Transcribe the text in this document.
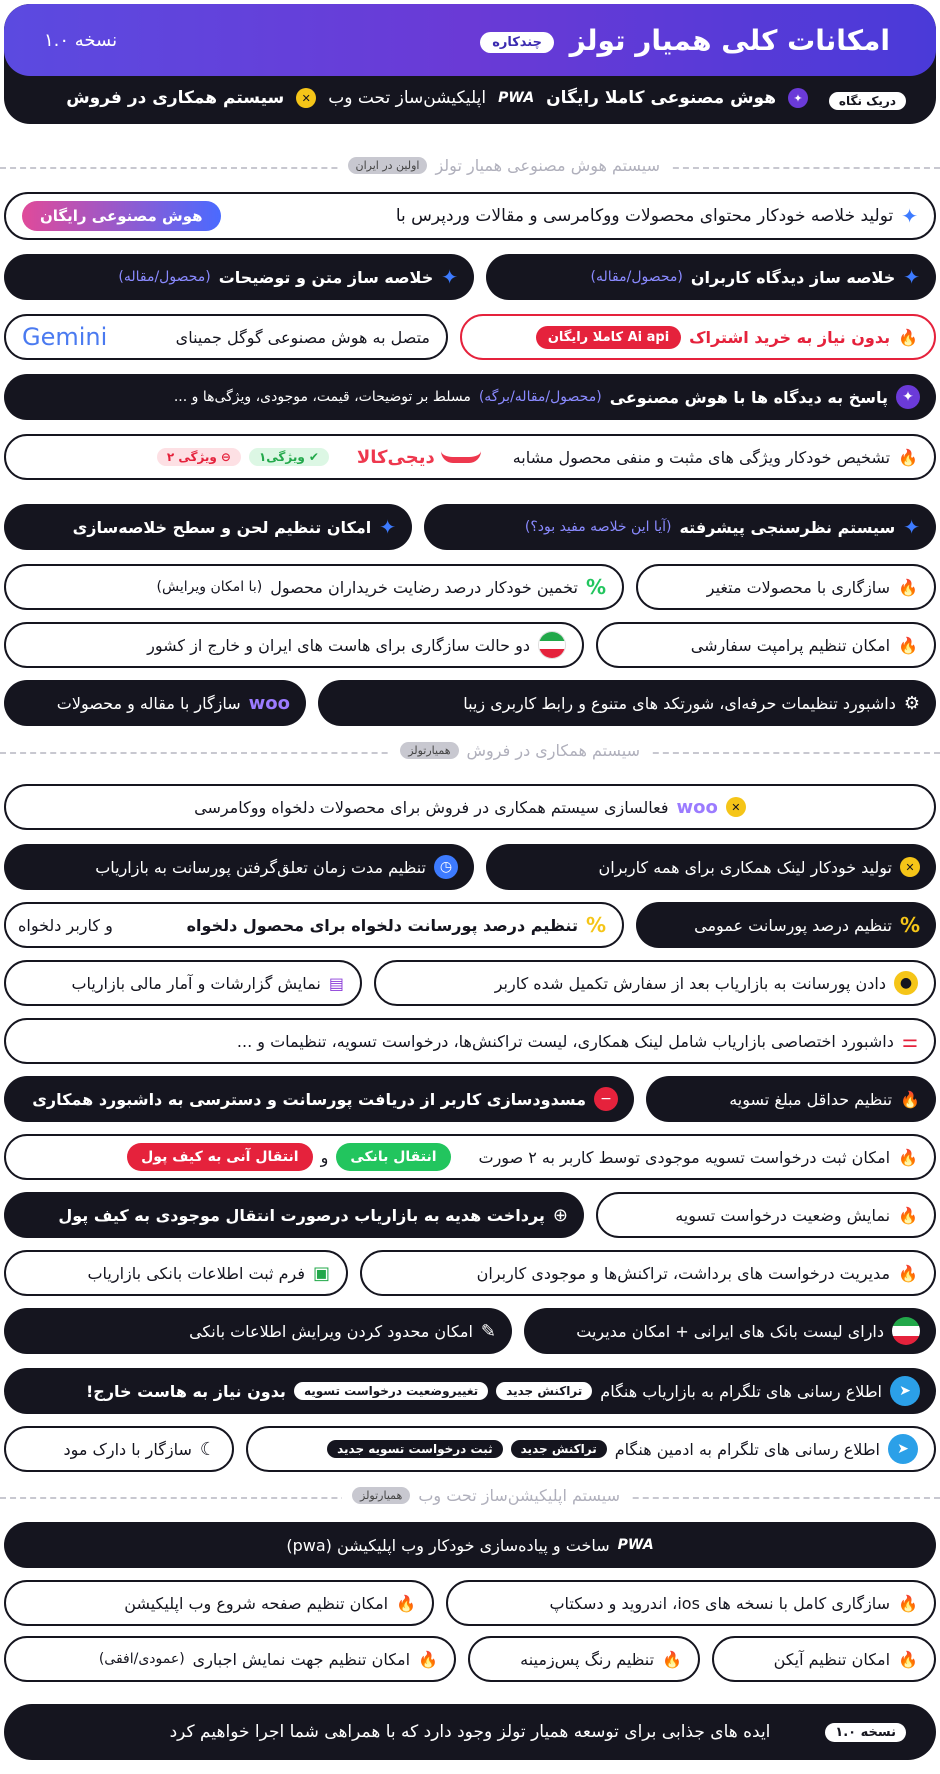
امکانات کلی همیار تولز
چندکاره
نسخه ۱.۰
دریک نگاه
✦
هوش مصنوعی کاملا رایگان
PWA
اپلیکیشن‌ساز تحت وب
✕
سیستم همکاری در فروش
سیستم هوش مصنوعی همیار تولز
اولین در ایران
✦
تولید خلاصه خودکار محتوای محصولات ووکامرسی و مقالات وردپرس با
هوش مصنوعی رایگان
✦
خلاصه ساز دیدگاه کاربران
(محصول/مقاله)
✦
خلاصه ساز متن و توضیحات
(محصول/مقاله)
🔥
بدون نیاز به خرید اشتراک
Ai api کاملا رایگان
متصل به هوش مصنوعی گوگل جمینای
Gemini
✦
پاسخ به دیدگاه ها با هوش مصنوعی
(محصول/مقاله/برگه)
مسلط بر توضیحات، قیمت، موجودی، ویژگی‌ها و ...
🔥
تشخیص خودکار ویژگی های مثبت و منفی محصول مشابه
دیجی‌کالا
✔
ویژگی۱
⊖
ویژگی ۲
✦
سیستم نظرسنجی پیشرفته
(آیا این خلاصه مفید بود؟)
✦
امکان تنظیم لحن و سطح خلاصه‌سازی
🔥
سازگاری با محصولات متغیر
%
تخمین خودکار درصد رضایت خریداران محصول
(با امکان ویرایش)
🔥
امکان تنظیم پرامپت سفارشی
دو حالت سازگاری برای هاست های ایران و خارج از کشور
⚙
داشبورد تنظیمات حرفه‌ای، شورتکد های متنوع و رابط کاربری زیبا
woo
سازگار با مقاله و محصولات
سیستم همکاری در فروش
همیارتولز
✕
woo
فعالسازی سیستم همکاری در فروش برای محصولات دلخواه ووکامرسی
✕
تولید خودکار لینک همکاری برای همه کاربران
◷
تنظیم مدت زمان تعلق‌گرفتن پورسانت به بازاریاب
%
تنظیم درصد پورسانت عمومی
%
تنظیم درصد پورسانت دلخواه برای محصول دلخواه
و کاربر دلخواه
●
دادن پورسانت به بازاریاب بعد از سفارش تکمیل شده کاربر
▤
نمایش گزارشات و آمار مالی بازاریاب
⚌
داشبورد اختصاصی بازاریاب شامل لینک همکاری، لیست تراکنش‌ها، درخواست تسویه، تنظیمات و ...
🔥
تنظیم حداقل مبلغ تسویه
−
مسدودسازی کاربر از دریافت پورسانت و دسترسی به داشبورد همکاری
🔥
امکان ثبت درخواست تسویه موجودی توسط کاربر به ۲ صورت
انتقال بانکی
و
انتقال آنی به کیف پول
🔥
نمایش وضعیت درخواست تسویه
⊕
پرداخت هدیه به بازاریاب درصورت انتقال موجودی به کیف پول
🔥
مدیریت درخواست های برداشت، تراکنش‌ها و موجودی کاربران
▣
فرم ثبت اطلاعات بانکی بازاریاب
دارای لیست بانک های ایرانی + امکان مدیریت
✎
امکان محدود کردن ویرایش اطلاعات بانکی
➤
اطلاع رسانی های تلگرام به بازاریاب هنگام
تراکنش جدید
تغییروضعیت درخواست تسویه
بدون نیاز به هاست خارج!
➤
اطلاع رسانی های تلگرام به ادمین هنگام
تراکنش جدید
ثبت درخواست تسویه جدید
☾
سازگار با دارک مود
سیستم اپلیکیشن‌ساز تحت وب
همیارتولز
PWA
ساخت و پیاده‌سازی خودکار وب اپلیکیشن (pwa)
🔥
سازگاری کامل با نسخه های ios، اندروید و دسکتاپ
🔥
امکان تنظیم صفحه شروع وب اپلیکیشن
🔥
امکان تنظیم آیکن
🔥
تنظیم رنگ پس‌زمینه
🔥
امکان تنظیم جهت نمایش اجباری
(عمودی/افقی)
نسخه ۱.۰
ایده های جذابی برای توسعه همیار تولز وجود دارد که با همراهی شما اجرا خواهیم کرد
